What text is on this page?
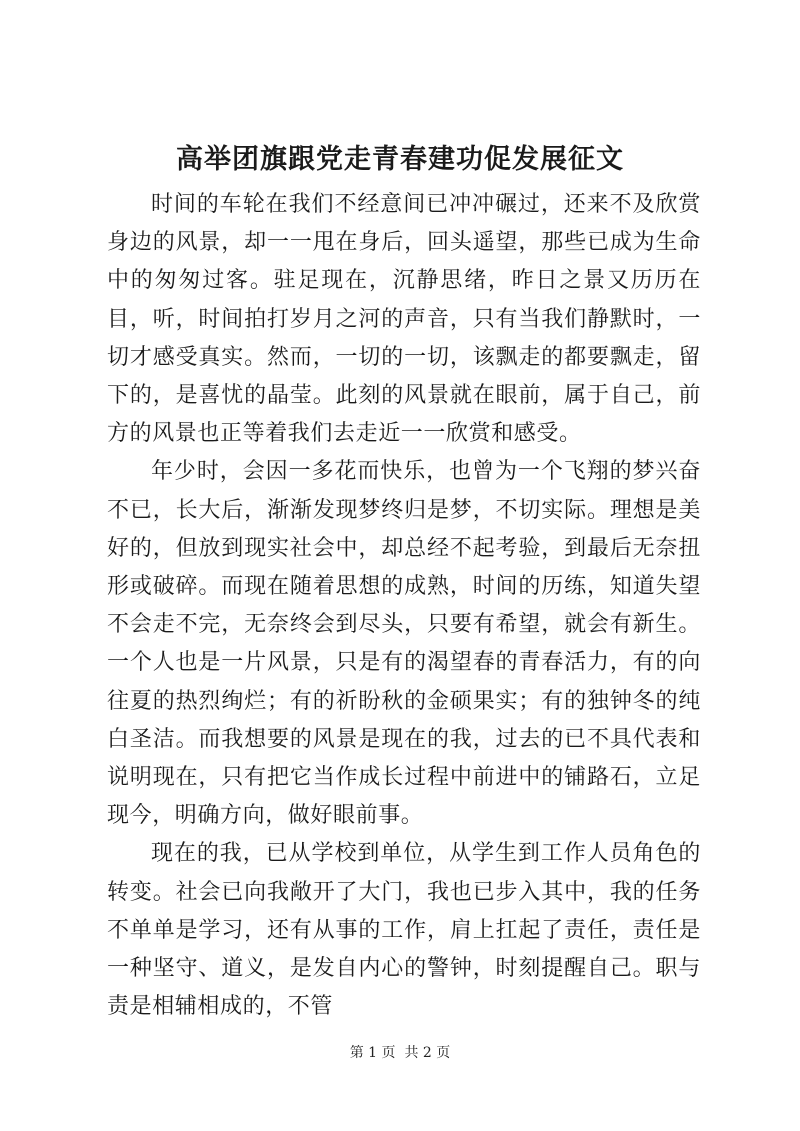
高举团旗跟党走青春建功促发展征文

时间的车轮在我们不经意间已冲冲碾过，还来不及欣赏身边的风景，却一一甩在身后，回头遥望，那些已成为生命中的匆匆过客。驻足现在，沉静思绪，昨日之景又历历在目，听，时间拍打岁月之河的声音，只有当我们静默时，一切才感受真实。然而，一切的一切，该飘走的都要飘走，留下的，是喜忧的晶莹。此刻的风景就在眼前，属于自己，前方的风景也正等着我们去走近一一欣赏和感受。

年少时，会因一多花而快乐，也曾为一个飞翔的梦兴奋不已，长大后，渐渐发现梦终归是梦，不切实际。理想是美好的，但放到现实社会中，却总经不起考验，到最后无奈扭形或破碎。而现在随着思想的成熟，时间的历练，知道失望不会走不完，无奈终会到尽头，只要有希望，就会有新生。一个人也是一片风景，只是有的渴望春的青春活力，有的向往夏的热烈绚烂；有的祈盼秋的金硕果实；有的独钟冬的纯白圣洁。而我想要的风景是现在的我，过去的已不具代表和说明现在，只有把它当作成长过程中前进中的铺路石，立足现今，明确方向，做好眼前事。

现在的我，已从学校到单位，从学生到工作人员角色的转变。社会已向我敞开了大门，我也已步入其中，我的任务不单单是学习，还有从事的工作，肩上扛起了责任，责任是一种坚守、道义，是发自内心的警钟，时刻提醒自己。职与责是相辅相成的，不管

第 1 页  共 2 页
